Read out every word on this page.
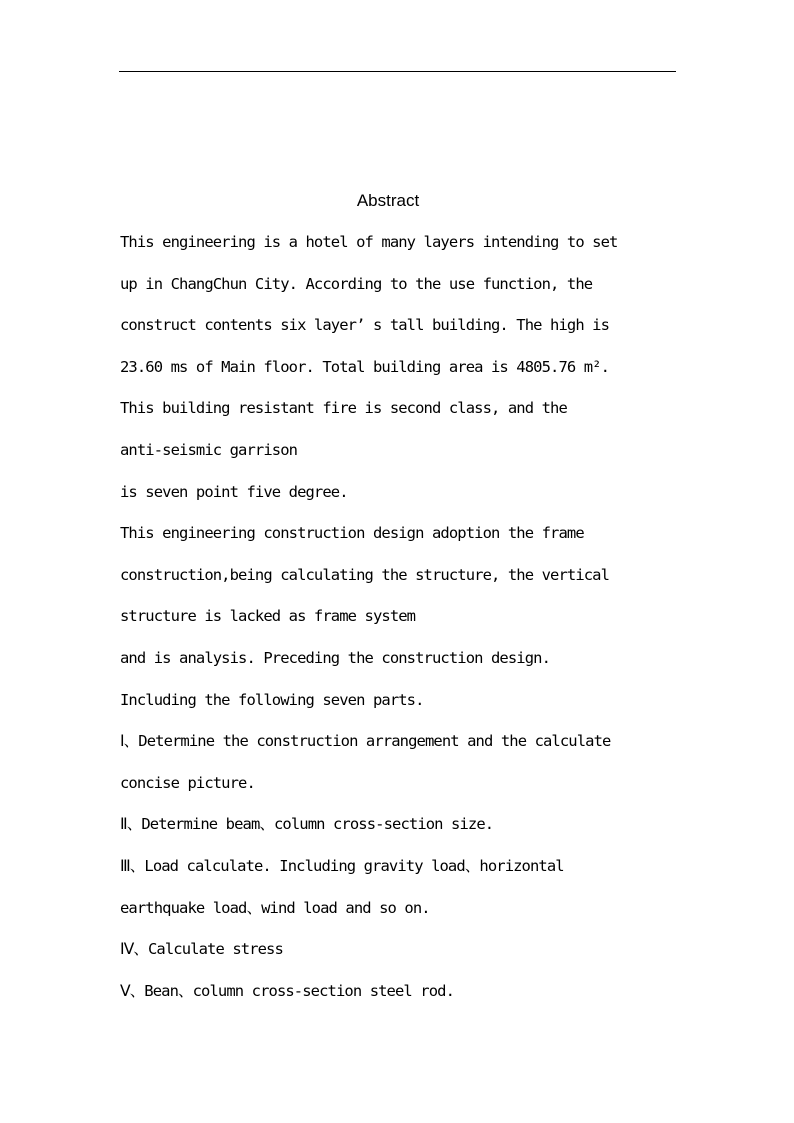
Abstract
This engineering is a hotel of many layers intending to set
up in ChangChun City. According to the use function, the
construct contents six layer’ s tall building. The high is
23.60 ms of Main floor. Total building area is 4805.76 m².
This building resistant fire is second class, and the
anti-seismic garrison
is seven point five degree.
This engineering construction design adoption the frame
construction,being calculating the structure, the vertical
structure is lacked as frame system
and is analysis. Preceding the construction design.
Including the following seven parts.
Ⅰ、Determine the construction arrangement and the calculate
concise picture.
Ⅱ、Determine beam、column cross-section size.
Ⅲ、Load calculate. Including gravity load、horizontal
earthquake load、wind load and so on.
Ⅳ、Calculate stress
Ⅴ、Bean、column cross-section steel rod.
